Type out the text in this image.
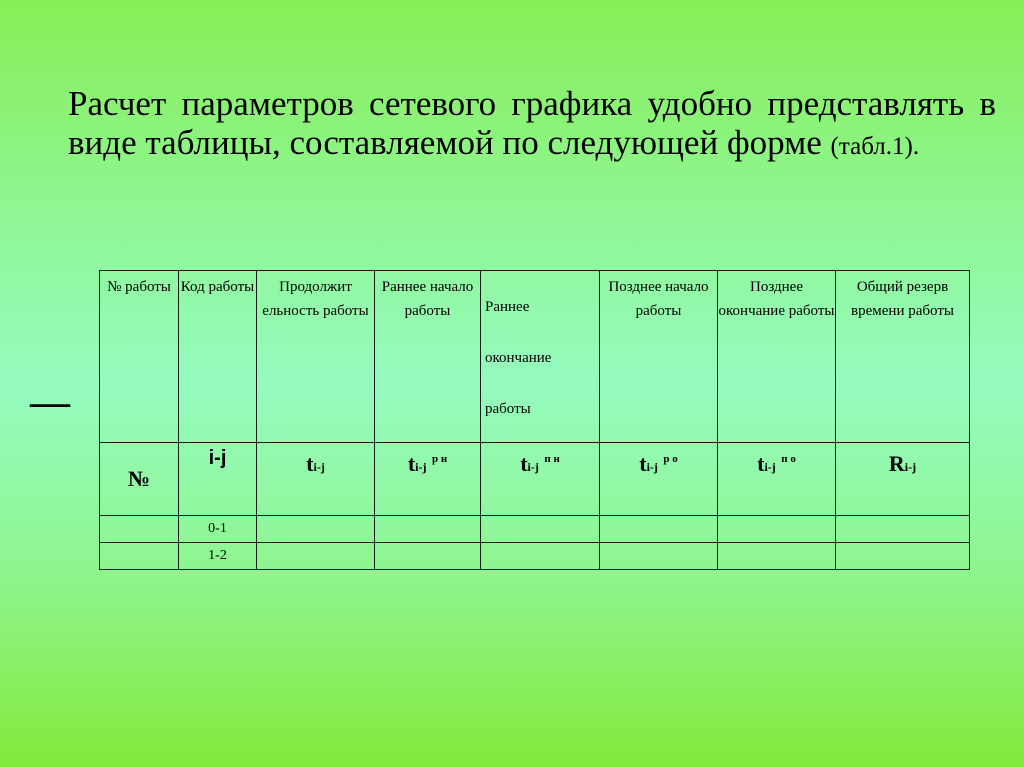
Расчет параметров сетевого графика удобно представлять в виде таблицы, составляемой по следующей форме (табл.1).
—
№ работы	Код работы	Продолжит ельность работы	Раннее начало работы	Раннее окончание работы	Позднее начало работы	Позднее окончание работы	Общий резерв времени работы
№	i-j	ti-j	ti-j $^{р н}$	ti-j $^{п н}$	ti-j $^{р о}$	ti-j $^{п о}$	Ri-j
	0-1						
	1-2						
